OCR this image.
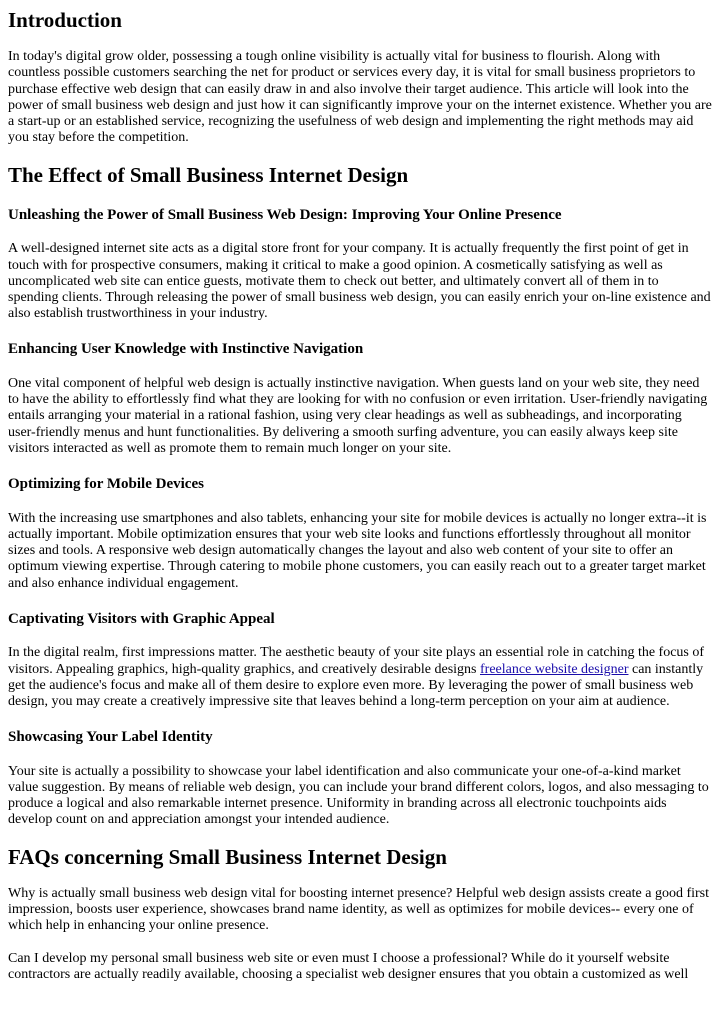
Introduction

In today's digital grow older, possessing a tough online visibility is actually vital for business to flourish. Along with countless possible customers searching the net for product or services every day, it is vital for small business proprietors to purchase effective web design that can easily draw in and also involve their target audience. This article will look into the power of small business web design and just how it can significantly improve your on the internet existence. Whether you are a start-up or an established service, recognizing the usefulness of web design and implementing the right methods may aid you stay before the competition.

The Effect of Small Business Internet Design
Unleashing the Power of Small Business Web Design: Improving Your Online Presence

A well-designed internet site acts as a digital store front for your company. It is actually frequently the first point of get in touch with for prospective consumers, making it critical to make a good opinion. A cosmetically satisfying as well as uncomplicated web site can entice guests, motivate them to check out better, and ultimately convert all of them in to spending clients. Through releasing the power of small business web design, you can easily enrich your on-line existence and also establish trustworthiness in your industry.

Enhancing User Knowledge with Instinctive Navigation

One vital component of helpful web design is actually instinctive navigation. When guests land on your web site, they need to have the ability to effortlessly find what they are looking for with no confusion or even irritation. User-friendly navigating entails arranging your material in a rational fashion, using very clear headings as well as subheadings, and incorporating user-friendly menus and hunt functionalities. By delivering a smooth surfing adventure, you can easily always keep site visitors interacted as well as promote them to remain much longer on your site.

Optimizing for Mobile Devices

With the increasing use smartphones and also tablets, enhancing your site for mobile devices is actually no longer extra--it is actually important. Mobile optimization ensures that your web site looks and functions effortlessly throughout all monitor sizes and tools. A responsive web design automatically changes the layout and also web content of your site to offer an optimum viewing expertise. Through catering to mobile phone customers, you can easily reach out to a greater target market and also enhance individual engagement.

Captivating Visitors with Graphic Appeal

In the digital realm, first impressions matter. The aesthetic beauty of your site plays an essential role in catching the focus of visitors. Appealing graphics, high-quality graphics, and creatively desirable designs freelance website designer can instantly get the audience's focus and make all of them desire to explore even more. By leveraging the power of small business web design, you may create a creatively impressive site that leaves behind a long-term perception on your aim at audience.

Showcasing Your Label Identity

Your site is actually a possibility to showcase your label identification and also communicate your one-of-a-kind market value suggestion. By means of reliable web design, you can include your brand different colors, logos, and also messaging to produce a logical and also remarkable internet presence. Uniformity in branding across all electronic touchpoints aids develop count on and appreciation amongst your intended audience.

FAQs concerning Small Business Internet Design

Why is actually small business web design vital for boosting internet presence? Helpful web design assists create a good first impression, boosts user experience, showcases brand name identity, as well as optimizes for mobile devices-- every one of which help in enhancing your online presence.

Can I develop my personal small business web site or even must I choose a professional? While do it yourself website contractors are actually readily available, choosing a specialist web designer ensures that you obtain a customized as well
